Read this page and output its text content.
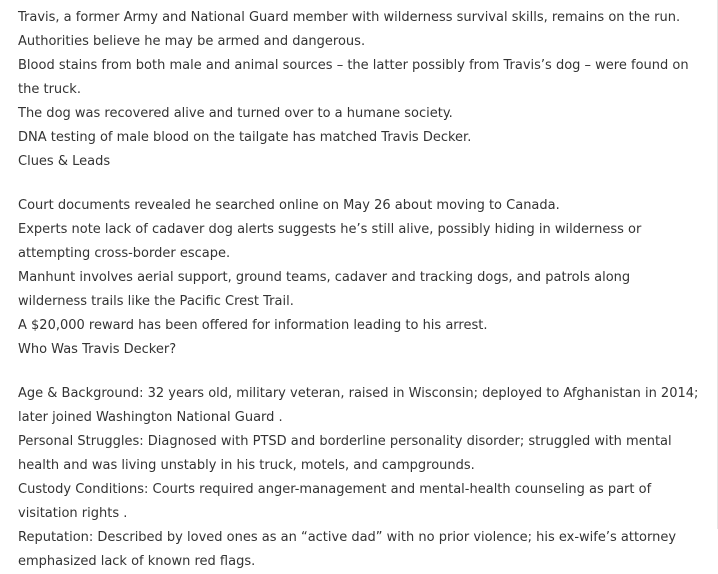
Travis, a former Army and National Guard member with wilderness survival skills, remains on the run. Authorities believe he may be armed and dangerous.

Blood stains from both male and animal sources – the latter possibly from Travis’s dog – were found on the truck.

The dog was recovered alive and turned over to a humane society.

DNA testing of male blood on the tailgate has matched Travis Decker.

Clues & Leads

Court documents revealed he searched online on May 26 about moving to Canada.

Experts note lack of cadaver dog alerts suggests he’s still alive, possibly hiding in wilderness or attempting cross-border escape.

Manhunt involves aerial support, ground teams, cadaver and tracking dogs, and patrols along wilderness trails like the Pacific Crest Trail.

A $20,000 reward has been offered for information leading to his arrest.

Who Was Travis Decker?

Age & Background: 32 years old, military veteran, raised in Wisconsin; deployed to Afghanistan in 2014; later joined Washington National Guard .

Personal Struggles: Diagnosed with PTSD and borderline personality disorder; struggled with mental health and was living unstably in his truck, motels, and campgrounds.

Custody Conditions: Courts required anger-management and mental-health counseling as part of visitation rights .

Reputation: Described by loved ones as an “active dad” with no prior violence; his ex-wife’s attorney emphasized lack of known red flags.
